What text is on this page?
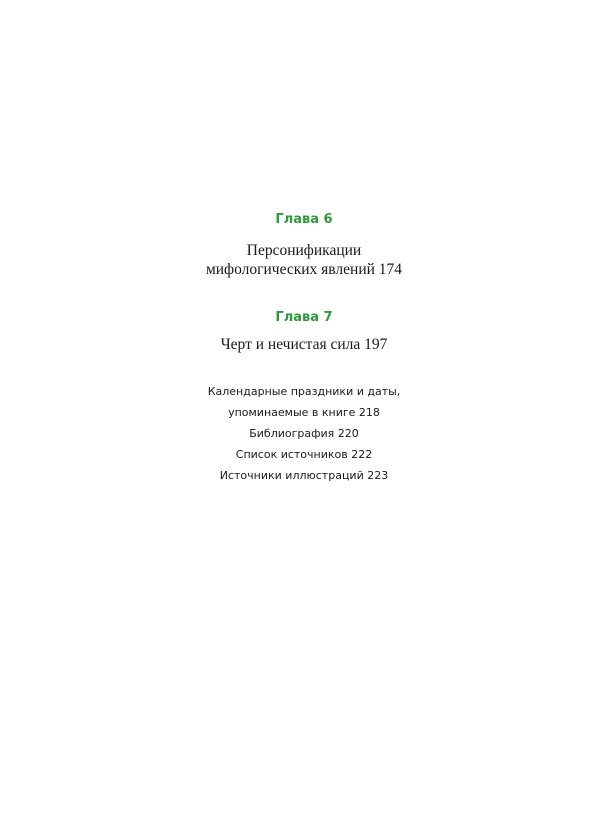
Глава 6
Персонификации
мифологических явлений 174
Глава 7
Черт и нечистая сила 197
Календарные праздники и даты,
упоминаемые в книге 218
Библиография 220
Список источников 222
Источники иллюстраций 223
